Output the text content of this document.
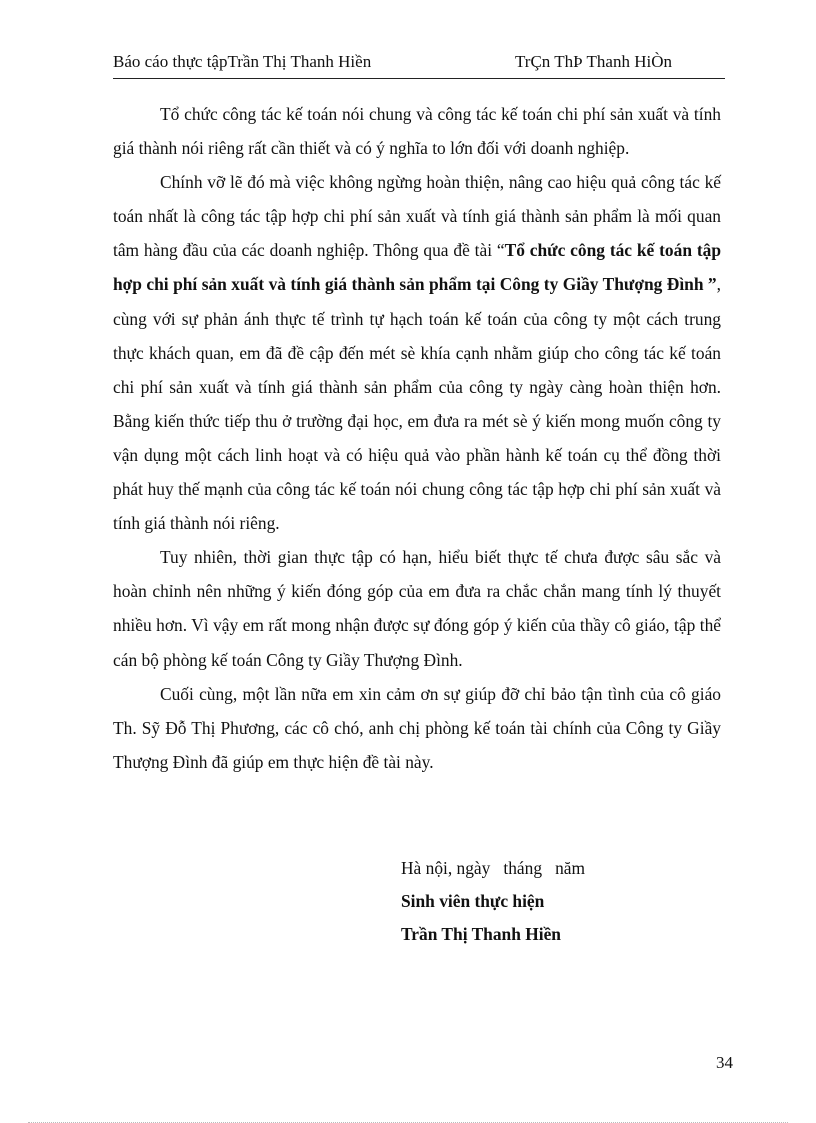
Báo cáo thực tậpTrần Thị Thanh Hiền	TrÇn ThÞ Thanh HiÒn

Tổ chức công tác kế toán nói chung và công tác kế toán chi phí sản xuất và tính giá thành nói riêng rất cần thiết và có ý nghĩa to lớn đối với doanh nghiệp.

Chính vỡ lẽ đó mà việc không ngừng hoàn thiện, nâng cao hiệu quả công tác kế toán nhất là công tác tập hợp chi phí sản xuất và tính giá thành sản phẩm là mối quan tâm hàng đầu của các doanh nghiệp. Thông qua đề tài “Tổ chức công tác kế toán tập hợp chi phí sản xuất và tính giá thành sản phẩm tại Công ty Giầy Thượng Đình ”, cùng với sự phản ánh thực tế trình tự hạch toán kế toán của công ty một cách trung thực khách quan, em đã đề cập đến mét sè khía cạnh nhằm giúp cho công tác kế toán chi phí sản xuất và tính giá thành sản phẩm của công ty ngày càng hoàn thiện hơn. Bằng kiến thức tiếp thu ở trường đại học, em đưa ra mét sè ý kiến mong muốn công ty vận dụng một cách linh hoạt và có hiệu quả vào phần hành kế toán cụ thể đồng thời phát huy thế mạnh của công tác kế toán nói chung công tác tập hợp chi phí sản xuất và tính giá thành nói riêng.

Tuy nhiên, thời gian thực tập có hạn, hiểu biết thực tế chưa được sâu sắc và hoàn chỉnh nên những ý kiến đóng góp của em đưa ra chắc chắn mang tính lý thuyết nhiều hơn. Vì vậy em rất mong nhận được sự đóng góp ý kiến của thầy cô giáo, tập thể cán bộ phòng kế toán Công ty Giầy Thượng Đình.

Cuối cùng, một lần nữa em xin cảm ơn sự giúp đỡ chỉ bảo tận tình của cô giáo Th. Sỹ Đỗ Thị Phương, các cô chó, anh chị phòng kế toán tài chính của Công ty Giầy Thượng Đình đã giúp em thực hiện đề tài này.

Hà nội, ngày   tháng   năm
Sinh viên thực hiện
Trần Thị Thanh Hiền
34
